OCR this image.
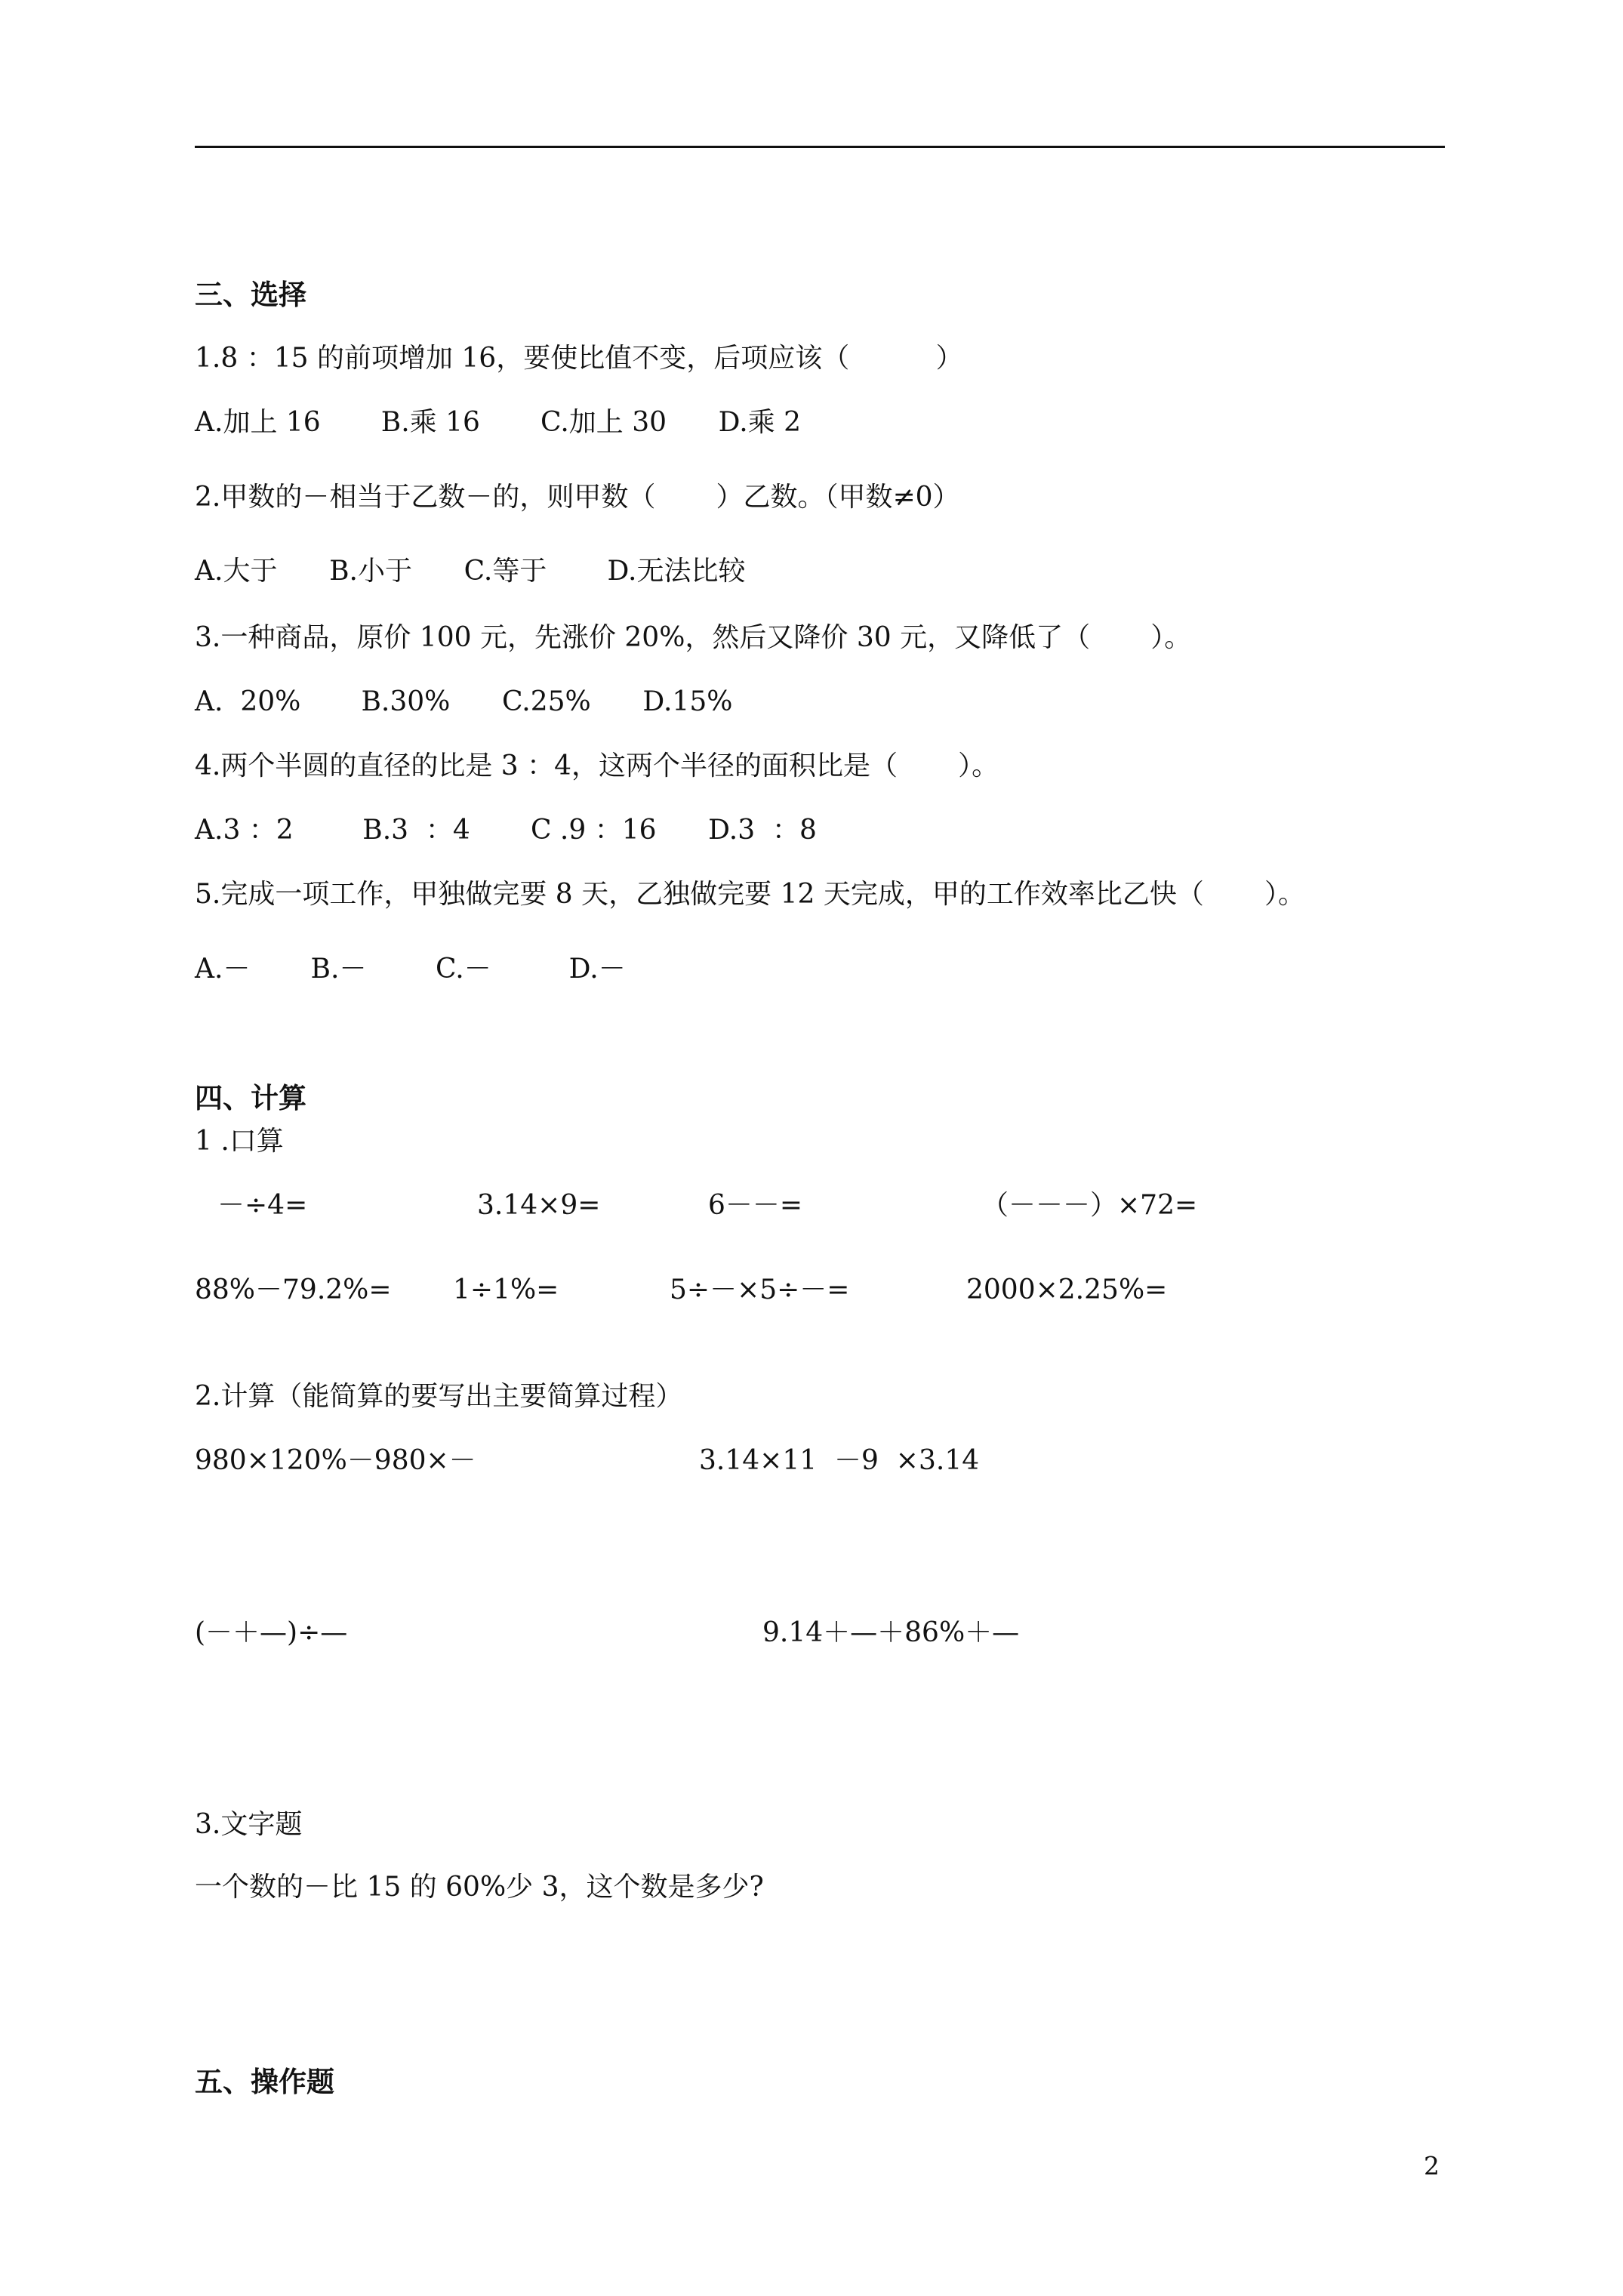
三、选择
1.8 ：15 的前项增加 16，要使比值不变，后项应该（          ）
A.加上 16       B.乘 16       C.加上 30      D.乘 2
2.甲数的－相当于乙数－的，则甲数（       ）乙数。（甲数≠0）
A.大于      B.小于      C.等于       D.无法比较
3.一种商品，原价 100 元，先涨价 20%，然后又降价 30 元，又降低了（       ）。
A.  20%       B.30%      C.25%      D.15%
4.两个半圆的直径的比是 3 ：4，这两个半径的面积比是（       ）。
A.3 ：2        B.3  ：4       C .9 ：16      D.3  ：8
5.完成一项工作，甲独做完要 8 天，乙独做完要 12 天完成，甲的工作效率比乙快（       ）。
A.－       B.－        C.－         D.－
四、计算
1 .口算
－÷4=	3.14×9=	6－－=	（－－－）×72=
88%－79.2%= 1÷1%=	5÷－×5÷－=	2000×2.25%=
2.计算（能简算的要写出主要简算过程）
980×120%－980×－	3.14×11  －9  ×3.14
(－＋—)÷—	9.14＋—＋86%＋—
3.文字题
一个数的－比 15 的 60%少 3，这个数是多少?
五、操作题
2
